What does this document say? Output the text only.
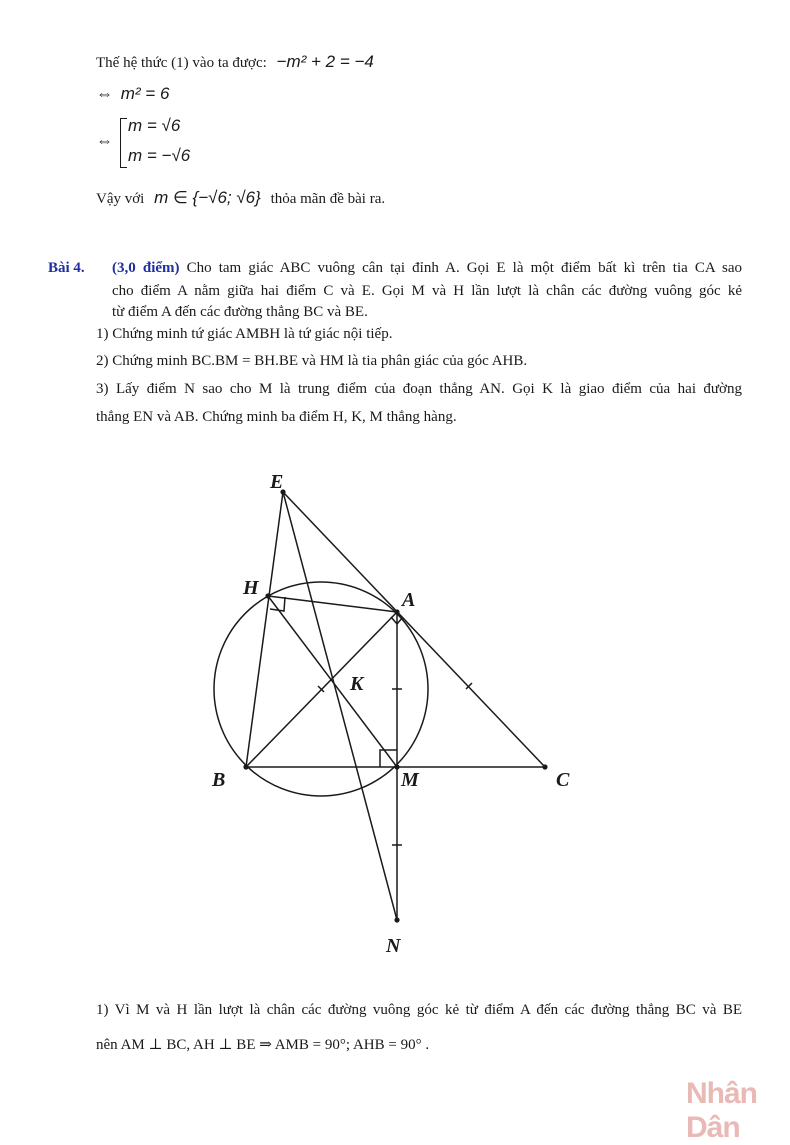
Thế hệ thức (1) vào ta được: −m² + 2 = −4
⇔ m² = 6
⇔
m = √6
m = −√6
Vậy với m ∈ {−√6; √6} thỏa mãn đề bài ra.
Bài 4. (3,0 điểm) Cho tam giác ABC vuông cân tại đỉnh A. Gọi E là một điểm bất kì trên tia CA sao
cho điểm A nằm giữa hai điểm C và E. Gọi M và H lần lượt là chân các đường vuông góc kẻ
từ điểm A đến các đường thẳng BC và BE.
1) Chứng minh tứ giác AMBH là tứ giác nội tiếp.
2) Chứng minh BC.BM = BH.BE và HM là tia phân giác của góc AHB.
3) Lấy điểm N sao cho M là trung điểm của đoạn thẳng AN. Gọi K là giao điểm của hai đường
thẳng EN và AB. Chứng minh ba điểm H, K, M thẳng hàng.
E
H
A
K
B	M	C
N
1) Vì M và H lần lượt là chân các đường vuông góc kẻ từ điểm A đến các đường thẳng BC và BE
nên AM ⊥ BC, AH ⊥ BE ⇒ AMB = 90°; AHB = 90° .
Nhân Dân
